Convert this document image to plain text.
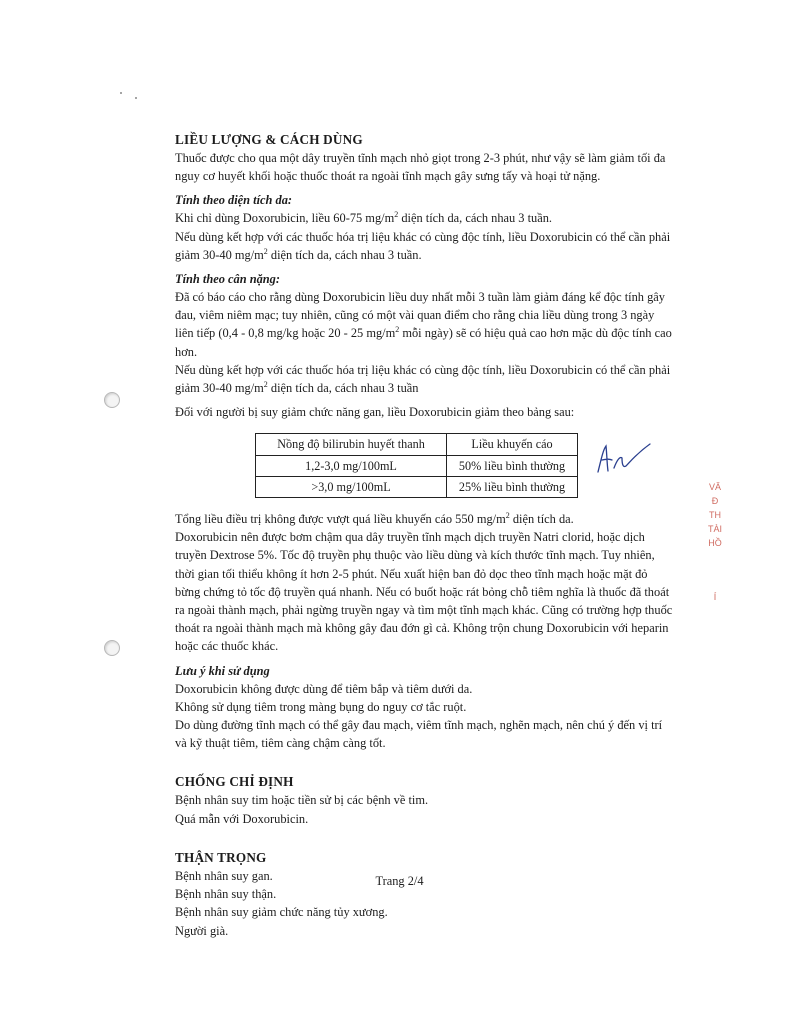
LIỀU LƯỢNG & CÁCH DÙNG

Thuốc được cho qua một dây truyền tĩnh mạch nhỏ giọt trong 2-3 phút, như vậy sẽ làm giảm tối đa nguy cơ huyết khối hoặc thuốc thoát ra ngoài tĩnh mạch gây sưng tấy và hoại tử nặng.

Tính theo diện tích da:

Khi chỉ dùng Doxorubicin, liều 60-75 $mg/m^2$ diện tích da, cách nhau 3 tuần.

Nếu dùng kết hợp với các thuốc hóa trị liệu khác có cùng độc tính, liều Doxorubicin có thể cần phải giảm 30-40 $mg/m^2$ diện tích da, cách nhau 3 tuần.

Tính theo cân nặng:

Đã có báo cáo cho rằng dùng Doxorubicin liều duy nhất mỗi 3 tuần làm giảm đáng kể độc tính gây đau, viêm niêm mạc; tuy nhiên, cũng có một vài quan điểm cho rằng chia liều dùng trong 3 ngày liên tiếp (0,4 - 0,8 mg/kg hoặc 20 - 25 $mg/m^2$ mỗi ngày) sẽ có hiệu quả cao hơn mặc dù độc tính cao hơn.

Nếu dùng kết hợp với các thuốc hóa trị liệu khác có cùng độc tính, liều Doxorubicin có thể cần phải giảm 30-40 $mg/m^2$ diện tích da, cách nhau 3 tuần

Đối với người bị suy giảm chức năng gan, liều Doxorubicin giảm theo bảng sau:

Nồng độ bilirubin huyết thanh	Liều khuyến cáo
1,2-3,0 mg/100mL	50% liều bình thường
>3,0 mg/100mL	25% liều bình thường

Tổng liều điều trị không được vượt quá liều khuyến cáo 550 $mg/m^2$ diện tích da.

Doxorubicin nên được bơm chậm qua dây truyền tĩnh mạch dịch truyền Natri clorid, hoặc dịch truyền Dextrose 5%. Tốc độ truyền phụ thuộc vào liều dùng và kích thước tĩnh mạch. Tuy nhiên, thời gian tối thiểu không ít hơn 2-5 phút. Nếu xuất hiện ban đỏ dọc theo tĩnh mạch hoặc mặt đỏ bừng chứng tỏ tốc độ truyền quá nhanh. Nếu có buốt hoặc rát bỏng chỗ tiêm nghĩa là thuốc đã thoát ra ngoài thành mạch, phải ngừng truyền ngay và tìm một tĩnh mạch khác. Cũng có trường hợp thuốc thoát ra ngoài thành mạch mà không gây đau đớn gì cả. Không trộn chung Doxorubicin với heparin hoặc các thuốc khác.

Lưu ý khi sử dụng

Doxorubicin không được dùng để tiêm bắp và tiêm dưới da.

Không sử dụng tiêm trong màng bụng do nguy cơ tắc ruột.

Do dùng đường tĩnh mạch có thể gây đau mạch, viêm tĩnh mạch, nghẽn mạch, nên chú ý đến vị trí và kỹ thuật tiêm, tiêm càng chậm càng tốt.

CHỐNG CHỈ ĐỊNH

Bệnh nhân suy tim hoặc tiền sử bị các bệnh về tim.

Quá mẫn với Doxorubicin.

THẬN TRỌNG

Bệnh nhân suy gan.

Bệnh nhân suy thận.

Bệnh nhân suy giảm chức năng tủy xương.

Người già.

VĂ
Đ
TH
TÀI
HỒ
Í
Trang 2/4
